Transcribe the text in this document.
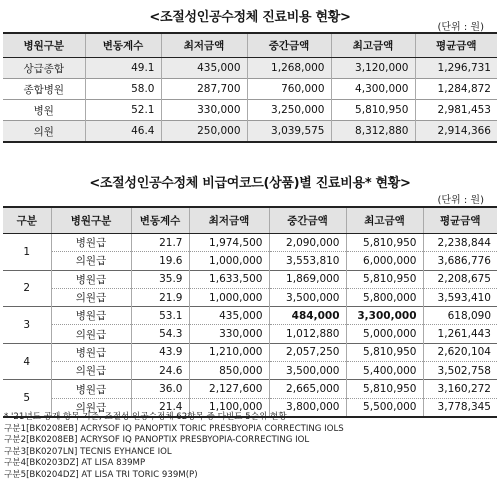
<조절성인공수정체 진료비용 현황>
(단위 : 원)
병원구분	변동계수	최저금액	중간금액	최고금액	평균금액
상급종합	49.1	435,000	1,268,000	3,120,000	1,296,731
종합병원	58.0	287,700	760,000	4,300,000	1,284,872
병원	52.1	330,000	3,250,000	5,810,950	2,981,453
의원	46.4	250,000	3,039,575	8,312,880	2,914,366
<조절성인공수정체 비급여코드(상품)별 진료비용* 현황>
(단위 : 원)
구분	병원구분	변동계수	최저금액	중간금액	최고금액	평균금액
1	병원급	21.7	1,974,500	2,090,000	5,810,950	2,238,844
	의원급	19.6	1,000,000	3,553,810	6,000,000	3,686,776
2	병원급	35.9	1,633,500	1,869,000	5,810,950	2,208,675
	의원급	21.9	1,000,000	3,500,000	5,800,000	3,593,410
3	병원급	53.1	435,000	484,000	3,300,000	618,090
	의원급	54.3	330,000	1,012,880	5,000,000	1,261,443
4	병원급	43.9	1,210,000	2,057,250	5,810,950	2,620,104
	의원급	24.6	850,000	3,500,000	5,400,000	3,502,758
5	병원급	36.0	2,127,600	2,665,000	5,810,950	3,160,272
	의원급	21.4	1,100,000	3,800,000	5,500,000	3,778,345
* '21년도 공개 항목 기준, 조절성 인공수정체 62항목 중 다빈도 5순위 현황
구분1[BK0208EB] ACRYSOF IQ PANOPTIX TORIC PRESBYOPIA CORRECTING IOLS
구분2[BK0208EB] ACRYSOF IQ PANOPTIX PRESBYOPIA-CORRECTING IOL
구분3[BK0207LN] TECNIS EYHANCE IOL
구분4[BK0203DZ] AT LISA 839MP
구분5[BK0204DZ] AT LISA TRI TORIC 939M(P)
